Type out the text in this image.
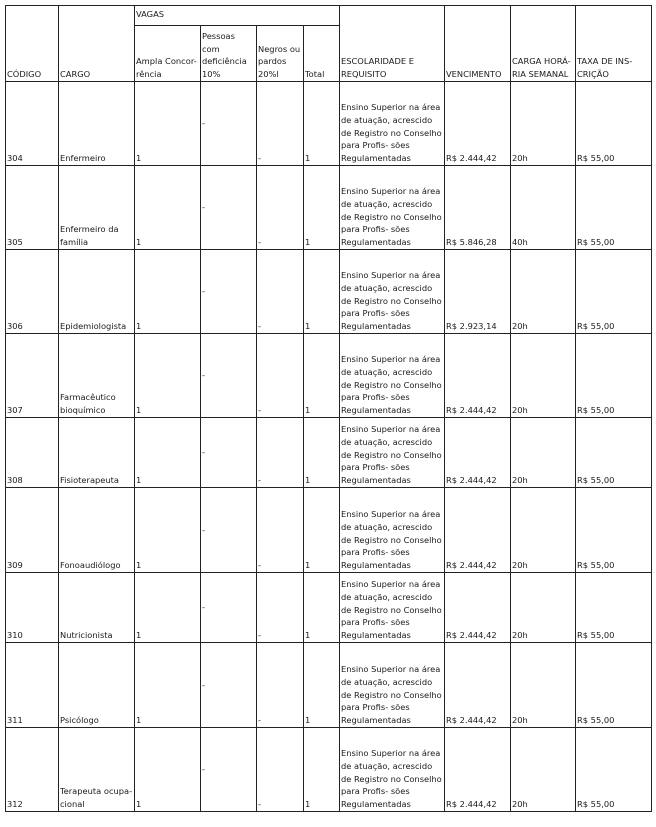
CÓDIGO	CARGO	VAGAS				ESCOLARIDADE E REQUISITO	VENCIMENTO	CARGA HORÁ- RIA SEMANAL	TAXA DE INS- CRIÇÃO
		Ampla Concor- rência	Pessoas com deficiência 10%	Negros ou pardos 20%l	Total				
304	Enfermeiro	1	-	-	1	Ensino Superior na área de atuação, acrescido de Registro no Conselho para Profis- sões Regulamentadas	R$ 2.444,42	20h	R$ 55,00
305	Enfermeiro da família	1	-	-	1	Ensino Superior na área de atuação, acrescido de Registro no Conselho para Profis- sões Regulamentadas	R$ 5.846,28	40h	R$ 55,00
306	Epidemiologista	1	-	-	1	Ensino Superior na área de atuação, acrescido de Registro no Conselho para Profis- sões Regulamentadas	R$ 2.923,14	20h	R$ 55,00
307	Farmacêutico bioquímico	1	-	-	1	Ensino Superior na área de atuação, acrescido de Registro no Conselho para Profis- sões Regulamentadas	R$ 2.444,42	20h	R$ 55,00
308	Fisioterapeuta	1	-	-	1	Ensino Superior na área de atuação, acrescido de Registro no Conselho para Profis- sões Regulamentadas	R$ 2.444,42	20h	R$ 55,00
309	Fonoaudiólogo	1	-	-	1	Ensino Superior na área de atuação, acrescido de Registro no Conselho para Profis- sões Regulamentadas	R$ 2.444,42	20h	R$ 55,00
310	Nutricionista	1	-	-	1	Ensino Superior na área de atuação, acrescido de Registro no Conselho para Profis- sões Regulamentadas	R$ 2.444,42	20h	R$ 55,00
311	Psicólogo	1	-	-	1	Ensino Superior na área de atuação, acrescido de Registro no Conselho para Profis- sões Regulamentadas	R$ 2.444,42	20h	R$ 55,00
312	Terapeuta ocupa- cional	1	-	-	1	Ensino Superior na área de atuação, acrescido de Registro no Conselho para Profis- sões Regulamentadas	R$ 2.444,42	20h	R$ 55,00
